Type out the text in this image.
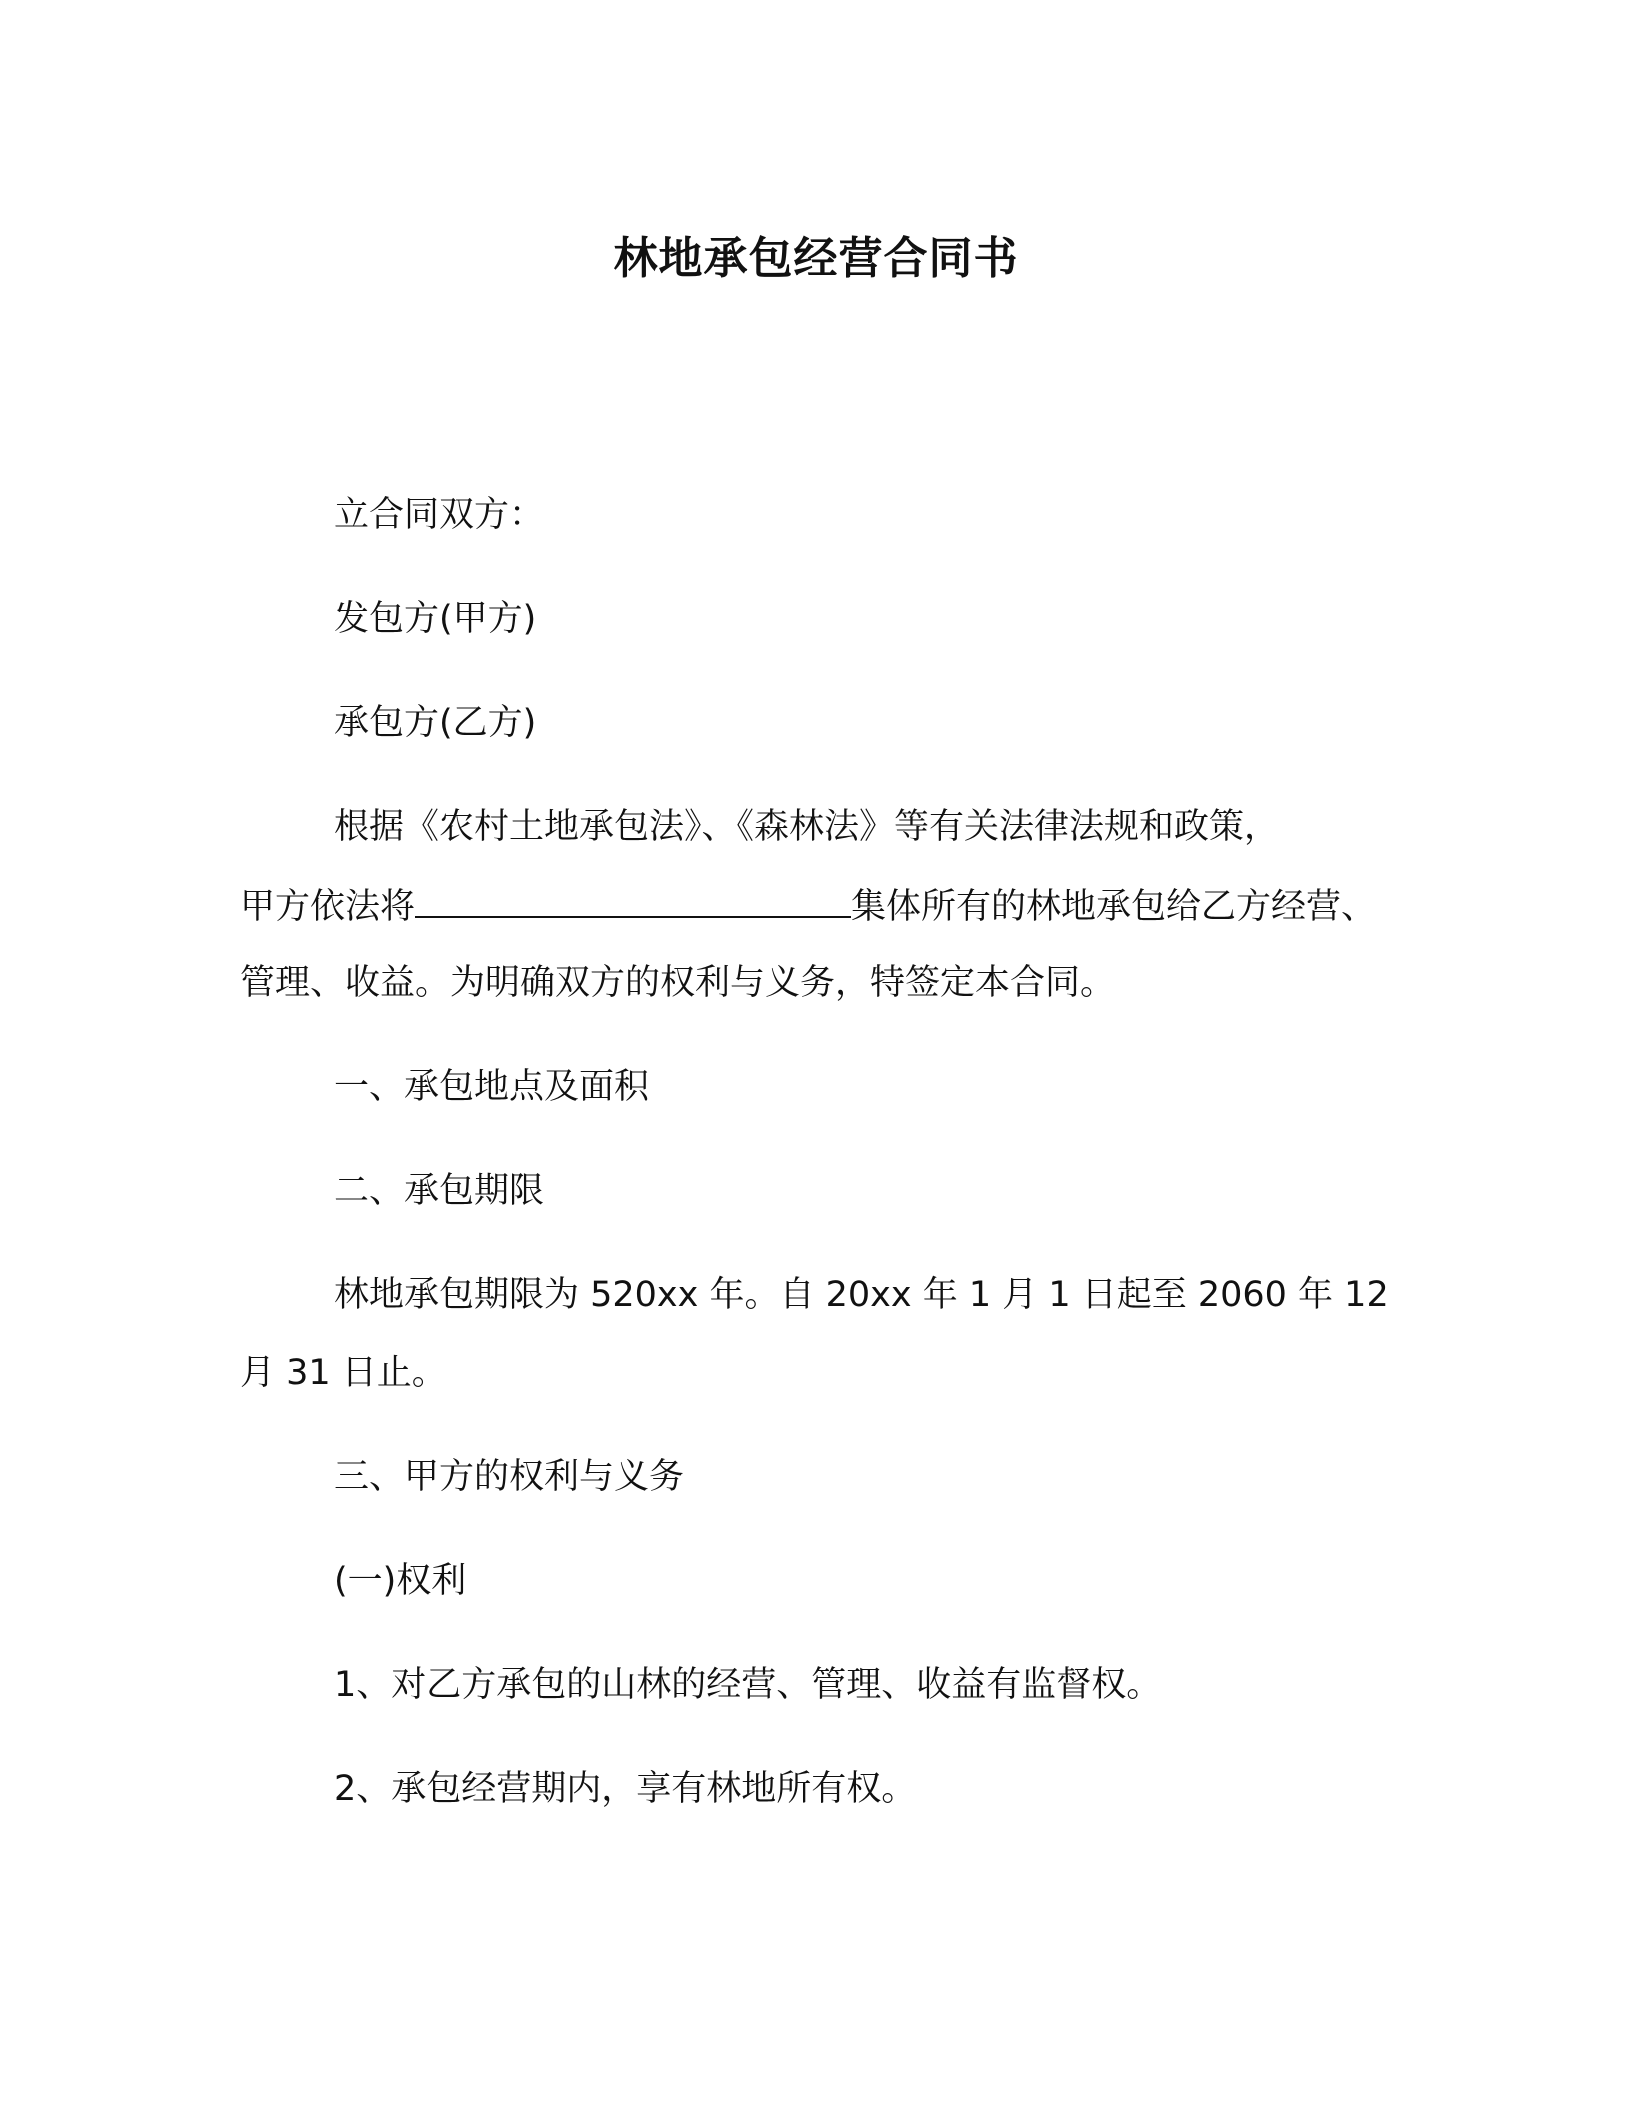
林地承包经营合同书
立合同双方：
发包方(甲方)
承包方(乙方)
根据《农村土地承包法》、《森林法》等有关法律法规和政策，
甲方依法将	集体所有的林地承包给乙方经营、
管理、收益。为明确双方的权利与义务，特签定本合同。
一、承包地点及面积
二、承包期限
林地承包期限为 520xx 年。自 20xx 年 1 月 1 日起至 2060 年 12
月 31 日止。
三、甲方的权利与义务
(一)权利
1、对乙方承包的山林的经营、管理、收益有监督权。
2、承包经营期内，享有林地所有权。
